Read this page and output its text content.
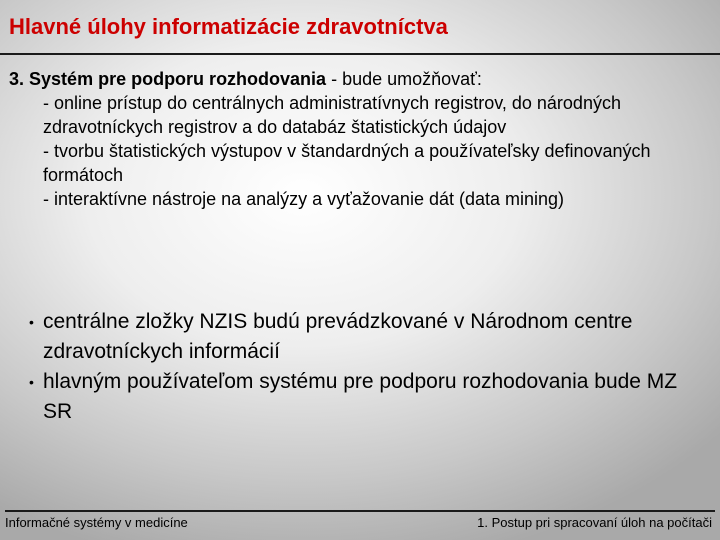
Hlavné úlohy informatizácie zdravotníctva
3. Systém pre podporu rozhodovania - bude umožňovať:
- online prístup do centrálnych administratívnych registrov, do národných zdravotníckych registrov a do databáz štatistických údajov
- tvorbu štatistických výstupov v štandardných a používateľsky definovaných formátoch
- interaktívne nástroje na analýzy a vyťažovanie dát (data mining)
• centrálne zložky NZIS budú prevádzkované v Národnom centre zdravotníckych informácií
• hlavným používateľom systému pre podporu rozhodovania bude MZ SR
Informačné systémy v medicíne	1. Postup pri spracovaní úloh na počítači
